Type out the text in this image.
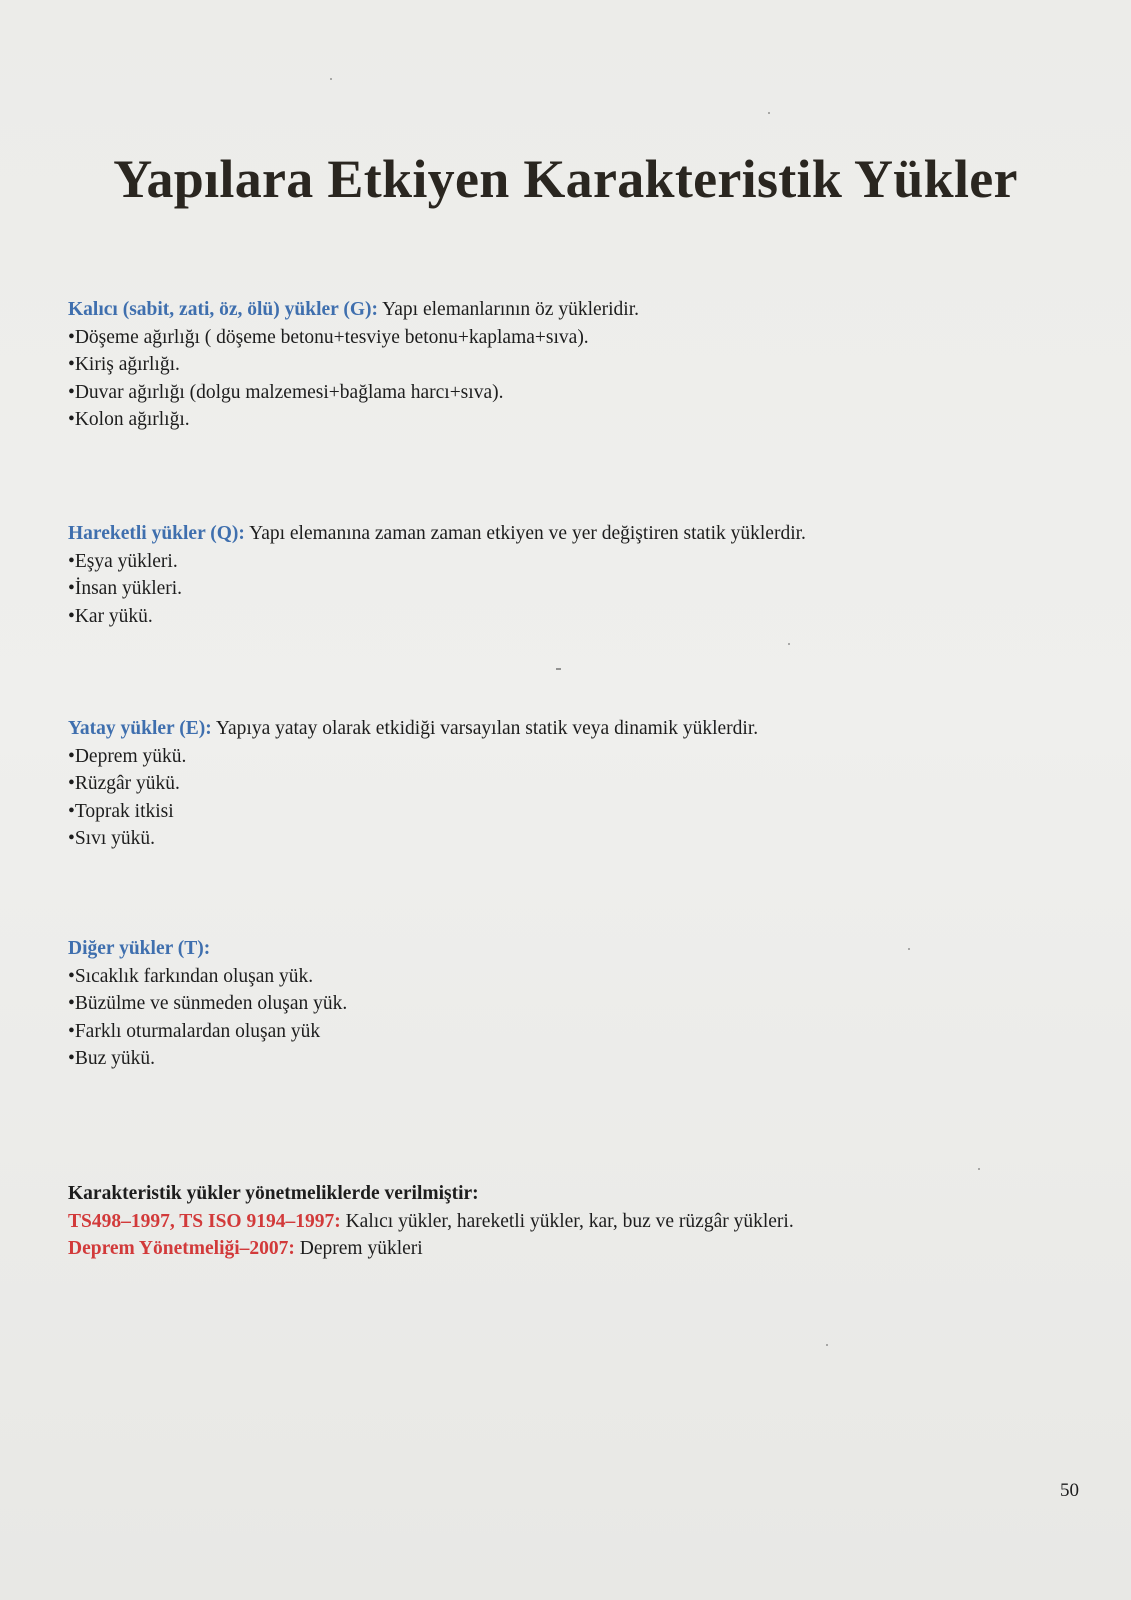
Yapılara Etkiyen Karakteristik Yükler
Kalıcı (sabit, zati, öz, ölü) yükler (G): Yapı elemanlarının öz yükleridir.
•Döşeme ağırlığı ( döşeme betonu+tesviye betonu+kaplama+sıva).
•Kiriş ağırlığı.
•Duvar ağırlığı (dolgu malzemesi+bağlama harcı+sıva).
•Kolon ağırlığı.
Hareketli yükler (Q): Yapı elemanına zaman zaman etkiyen ve yer değiştiren statik yüklerdir.
•Eşya yükleri.
•İnsan yükleri.
•Kar yükü.
Yatay yükler (E): Yapıya yatay olarak etkidiği varsayılan statik veya dinamik yüklerdir.
•Deprem yükü.
•Rüzgâr yükü.
•Toprak itkisi
•Sıvı yükü.
Diğer yükler (T):
•Sıcaklık farkından oluşan yük.
•Büzülme ve sünmeden oluşan yük.
•Farklı oturmalardan oluşan yük
•Buz yükü.
Karakteristik yükler yönetmeliklerde verilmiştir:
TS498–1997, TS ISO 9194–1997: Kalıcı yükler, hareketli yükler, kar, buz ve rüzgâr yükleri.
Deprem Yönetmeliği–2007: Deprem yükleri
50
